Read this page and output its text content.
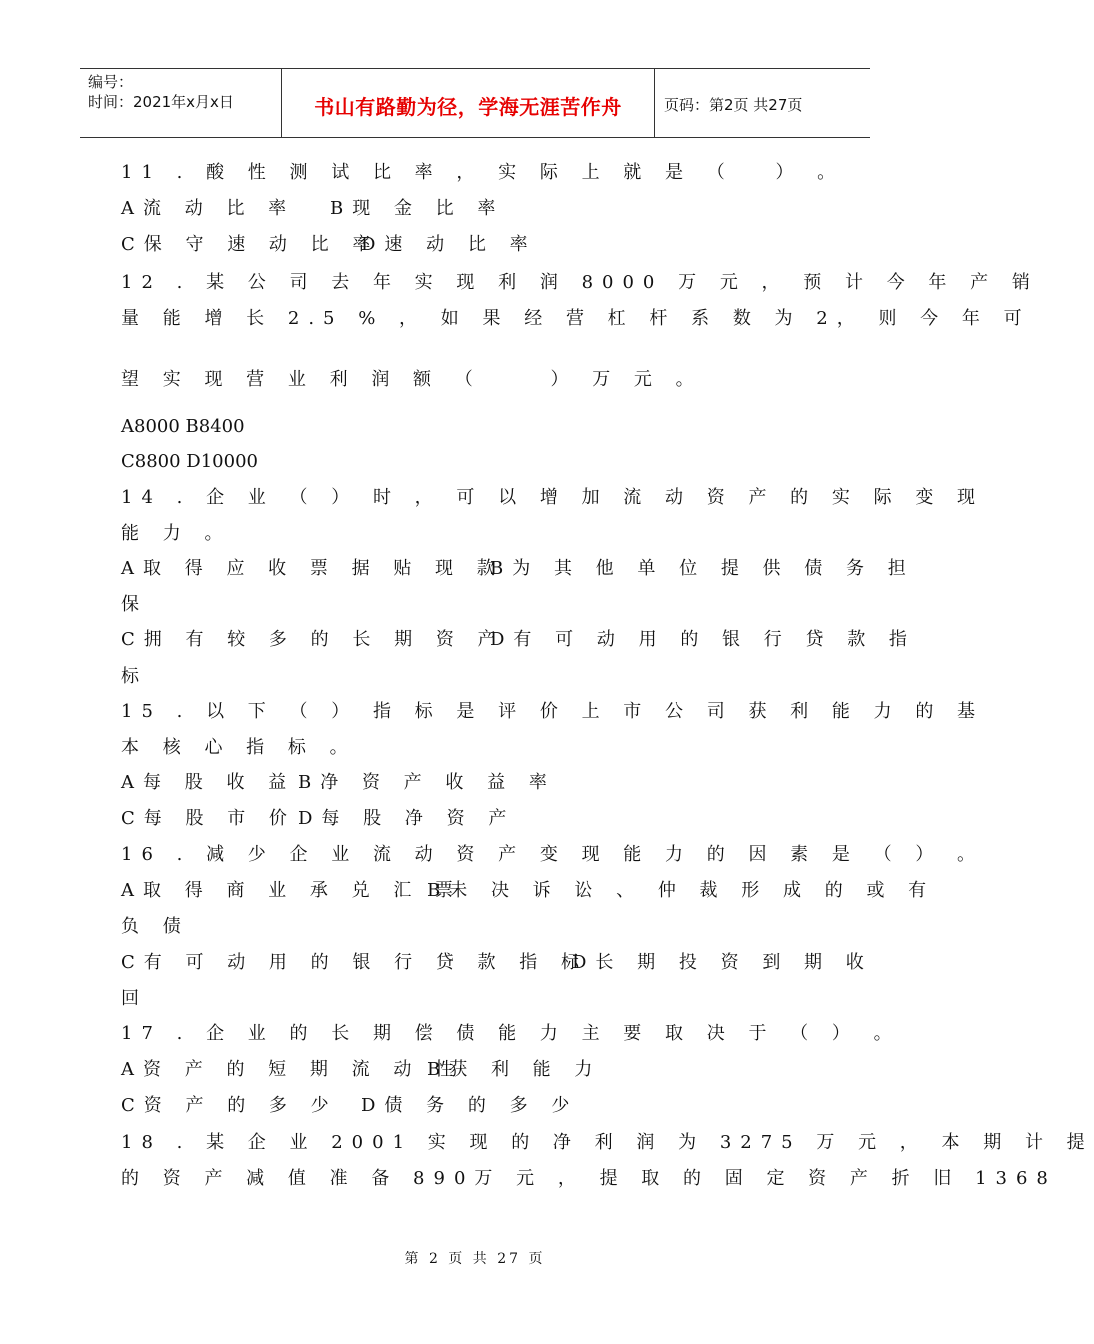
编号：
时间：2021年x月x日	书山有路勤为径，学海无涯苦作舟	页码：第2页 共27页
11 . 酸 性 测 试 比 率 ， 实 际 上 就 是 （　 ） 。
A流 动 比 率 B现 金 比 率
C保 守 速 动 比 率
D速 动 比 率
12 . 某 公 司 去 年 实 现 利 润 8000 万 元 ， 预 计 今 年 产 销
量 能 增 长 2.5 % ， 如 果 经 营 杠 杆 系 数 为 2， 则 今 年 可
望 实 现 营 业 利 润 额 （　　 ） 万 元 。
A8000 B8400
C8800 D10000
14 . 企 业 （ ） 时 ， 可 以 增 加 流 动 资 产 的 实 际 变 现
能 力 。
A取 得 应 收 票 据 贴 现 款
B为 其 他 单 位 提 供 债 务 担
保
C拥 有 较 多 的 长 期 资 产
D有 可 动 用 的 银 行 贷 款 指
标
15 . 以 下 （ ） 指 标 是 评 价 上 市 公 司 获 利 能 力 的 基
本 核 心 指 标 。
A每 股 收 益 B净 资 产 收 益 率
C每 股 市 价 D每 股 净 资 产
16 . 减 少 企 业 流 动 资 产 变 现 能 力 的 因 素 是 （ ） 。
A取 得 商 业 承 兑 汇 票
B未 决 诉 讼 、 仲 裁 形 成 的 或 有
负 债
C有 可 动 用 的 银 行 贷 款 指 标
D长 期 投 资 到 期 收
回
17 . 企 业 的 长 期 偿 债 能 力 主 要 取 决 于 （ ） 。
A资 产 的 短 期 流 动 性
B获 利 能 力
C资 产 的 多 少 D债 务 的 多 少
18 . 某 企 业 2001 实 现 的 净 利 润 为 3275 万 元 ， 本 期 计 提
的 资 产 减 值 准 备 890万 元 ， 提 取 的 固 定 资 产 折 旧 1368
第 2 页 共 27 页
